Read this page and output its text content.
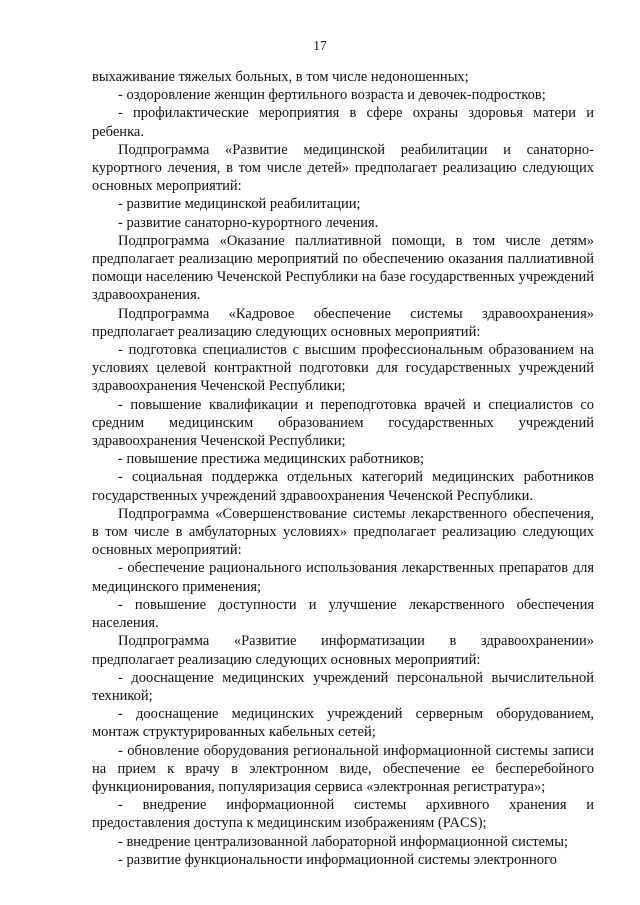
17

выхаживание тяжелых больных, в том числе недоношенных;

- оздоровление женщин фертильного возраста и девочек-подростков;

- профилактические мероприятия в сфере охраны здоровья матери и ребенка.

Подпрограмма «Развитие медицинской реабилитации и санаторно-курортного лечения, в том числе детей» предполагает реализацию следующих основных мероприятий:

- развитие медицинской реабилитации;

- развитие санаторно-курортного лечения.

Подпрограмма «Оказание паллиативной помощи, в том числе детям» предполагает реализацию мероприятий по обеспечению оказания паллиативной помощи населению Чеченской Республики на базе государственных учреждений здравоохранения.

Подпрограмма «Кадровое обеспечение системы здравоохранения» предполагает реализацию следующих основных мероприятий:

- подготовка специалистов с высшим профессиональным образованием на условиях целевой контрактной подготовки для государственных учреждений здравоохранения Чеченской Республики;

- повышение квалификации и переподготовка врачей и специалистов со средним медицинским образованием государственных учреждений здравоохранения Чеченской Республики;

- повышение престижа медицинских работников;

- социальная поддержка отдельных категорий медицинских работников государственных учреждений здравоохранения Чеченской Республики.

Подпрограмма «Совершенствование системы лекарственного обеспечения, в том числе в амбулаторных условиях» предполагает реализацию следующих основных мероприятий:

- обеспечение рационального использования лекарственных препаратов для медицинского применения;

- повышение доступности и улучшение лекарственного обеспечения населения.

Подпрограмма «Развитие информатизации в здравоохранении» предполагает реализацию следующих основных мероприятий:

- дооснащение медицинских учреждений персональной вычислительной техникой;

- дооснащение медицинских учреждений серверным оборудованием, монтаж структурированных кабельных сетей;

- обновление оборудования региональной информационной системы записи на прием к врачу в электронном виде, обеспечение ее бесперебойного функционирования, популяризация сервиса «электронная регистратура»;

- внедрение информационной системы архивного хранения и предоставления доступа к медицинским изображениям (PACS);

- внедрение централизованной лабораторной информационной системы;

- развитие функциональности информационной системы электронного
